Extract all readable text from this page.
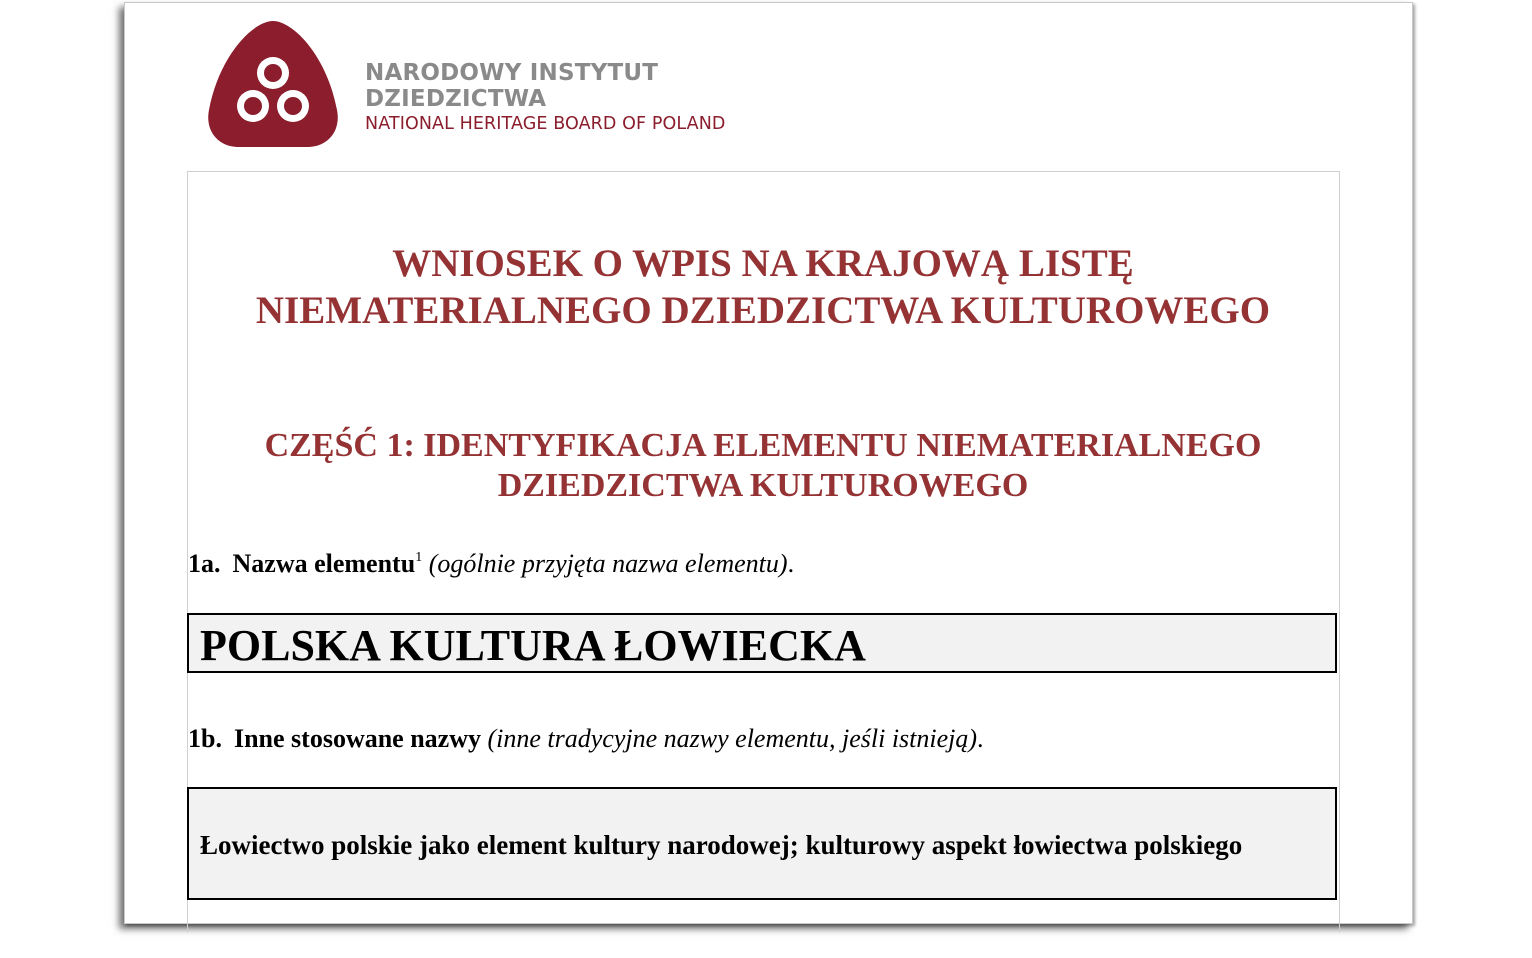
NARODOWY INSTYTUT
DZIEDZICTWA
NATIONAL HERITAGE BOARD OF POLAND
WNIOSEK O WPIS NA KRAJOWĄ LISTĘ
NIEMATERIALNEGO DZIEDZICTWA KULTUROWEGO
CZĘŚĆ 1: IDENTYFIKACJA ELEMENTU NIEMATERIALNEGO
DZIEDZICTWA KULTUROWEGO
1a. Nazwa elementu$^1$ (ogólnie przyjęta nazwa elementu).
POLSKA KULTURA ŁOWIECKA
1b. Inne stosowane nazwy (inne tradycyjne nazwy elementu, jeśli istnieją).
Łowiectwo polskie jako element kultury narodowej; kulturowy aspekt łowiectwa polskiego
